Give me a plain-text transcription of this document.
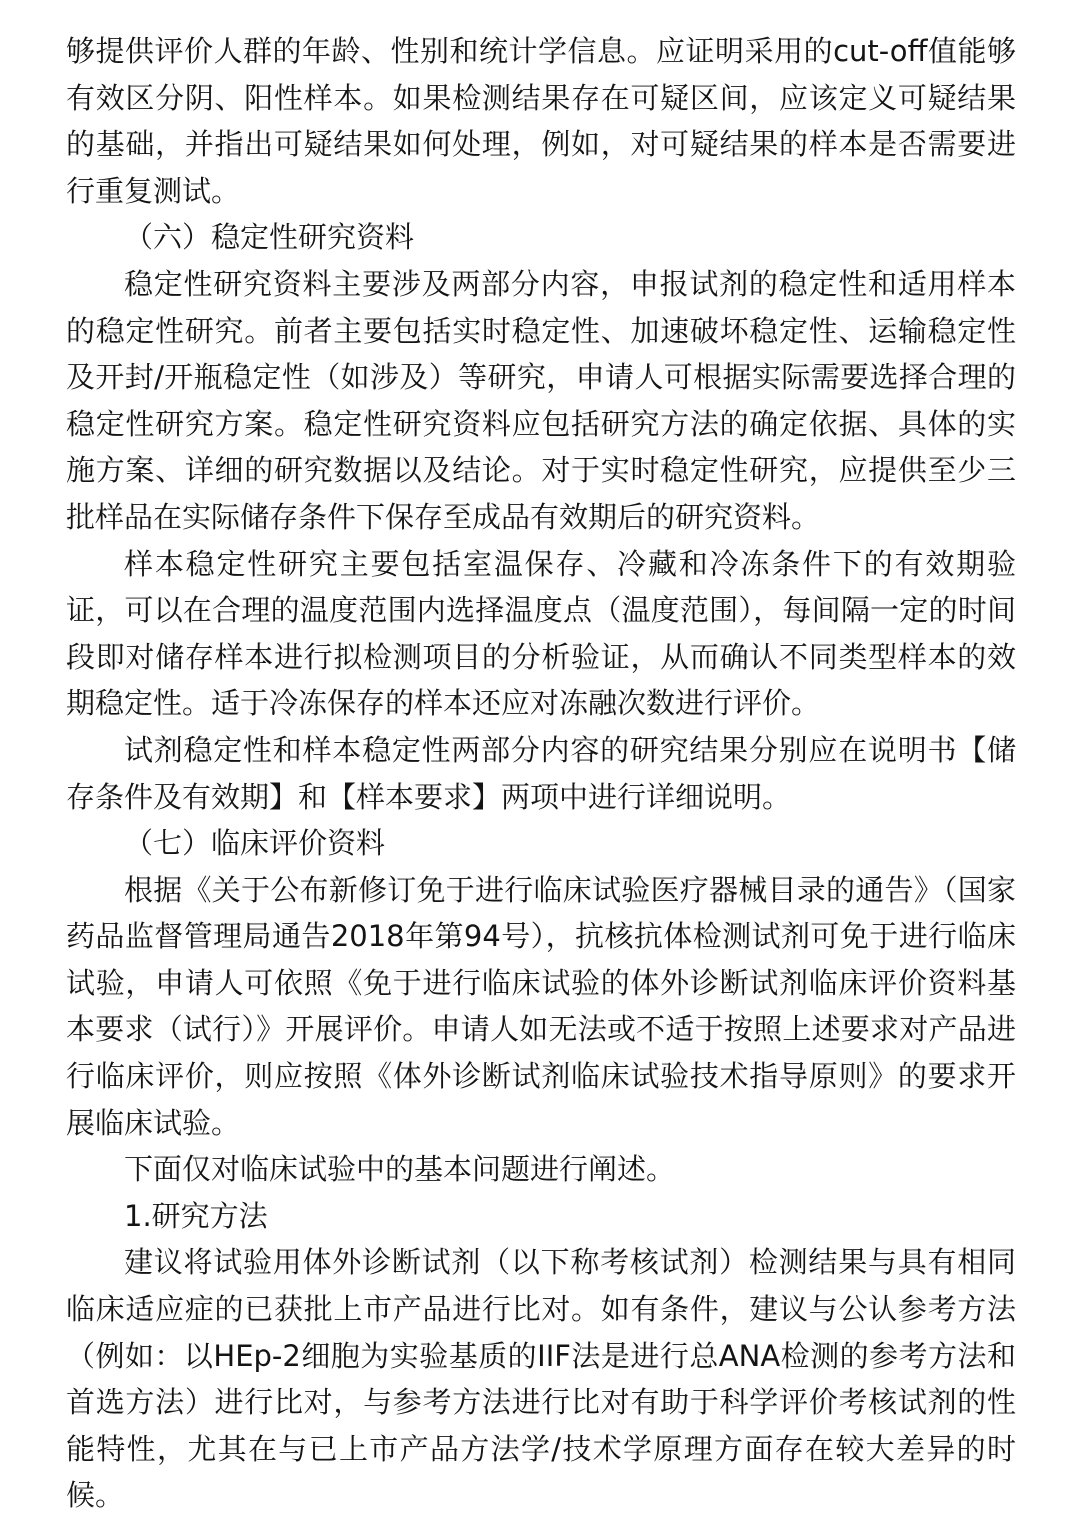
够提供评价人群的年龄、性别和统计学信息。应证明采用的cut-off值能够有效区分阴、阳性样本。如果检测结果存在可疑区间，应该定义可疑结果的基础，并指出可疑结果如何处理，例如，对可疑结果的样本是否需要进行重复测试。

（六）稳定性研究资料

稳定性研究资料主要涉及两部分内容，申报试剂的稳定性和适用样本的稳定性研究。前者主要包括实时稳定性、加速破坏稳定性、运输稳定性及开封/开瓶稳定性（如涉及）等研究，申请人可根据实际需要选择合理的稳定性研究方案。稳定性研究资料应包括研究方法的确定依据、具体的实施方案、详细的研究数据以及结论。对于实时稳定性研究，应提供至少三批样品在实际储存条件下保存至成品有效期后的研究资料。

样本稳定性研究主要包括室温保存、冷藏和冷冻条件下的有效期验证，可以在合理的温度范围内选择温度点（温度范围），每间隔一定的时间段即对储存样本进行拟检测项目的分析验证，从而确认不同类型样本的效期稳定性。适于冷冻保存的样本还应对冻融次数进行评价。

试剂稳定性和样本稳定性两部分内容的研究结果分别应在说明书【储存条件及有效期】和【样本要求】两项中进行详细说明。

（七）临床评价资料

根据《关于公布新修订免于进行临床试验医疗器械目录的通告》（国家药品监督管理局通告2018年第94号），抗核抗体检测试剂可免于进行临床试验，申请人可依照《免于进行临床试验的体外诊断试剂临床评价资料基本要求（试行）》开展评价。申请人如无法或不适于按照上述要求对产品进行临床评价，则应按照《体外诊断试剂临床试验技术指导原则》的要求开展临床试验。

下面仅对临床试验中的基本问题进行阐述。

1.研究方法

建议将试验用体外诊断试剂（以下称考核试剂）检测结果与具有相同临床适应症的已获批上市产品进行比对。如有条件，建议与公认参考方法（例如：以HEp-2细胞为实验基质的IIF法是进行总ANA检测的参考方法和首选方法）进行比对，与参考方法进行比对有助于科学评价考核试剂的性能特性，尤其在与已上市产品方法学/技术学原理方面存在较大差异的时候。
